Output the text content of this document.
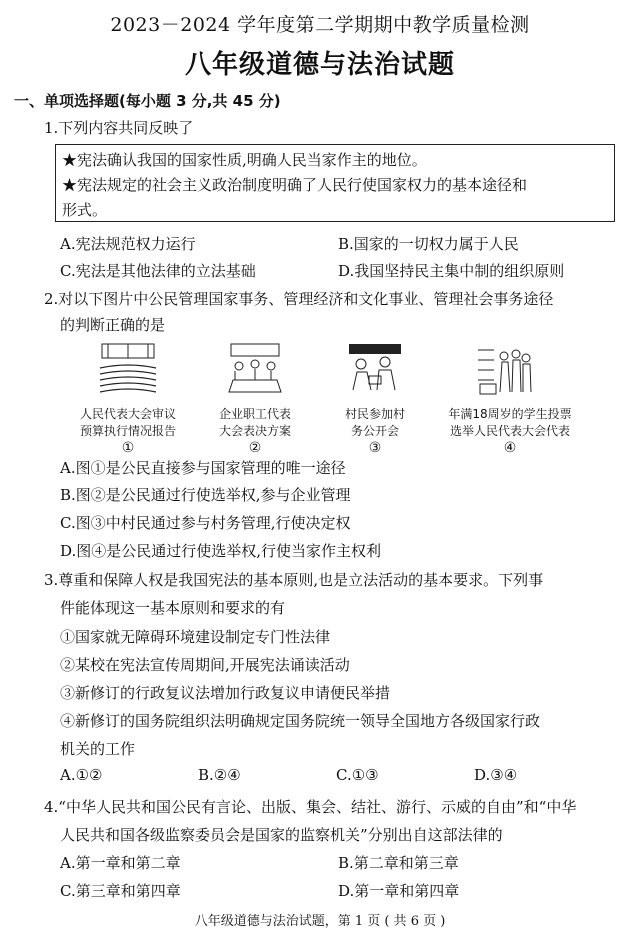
2023－2024 学年度第二学期期中教学质量检测
八年级道德与法治试题
一、单项选择题(每小题 3 分,共 45 分)
1.下列内容共同反映了
★宪法确认我国的国家性质,明确人民当家作主的地位。
★宪法规定的社会主义政治制度明确了人民行使国家权力的基本途径和
形式。
A.宪法规范权力运行	B.国家的一切权力属于人民
C.宪法是其他法律的立法基础	D.我国坚持民主集中制的组织原则
2.对以下图片中公民管理国家事务、管理经济和文化事业、管理社会事务途径
的判断正确的是
人民代表大会审议
预算执行情况报告
①
企业职工代表
大会表决方案
②
村民参加村
务公开会
③
年满18周岁的学生投票
选举人民代表大会代表
④
A.图①是公民直接参与国家管理的唯一途径
B.图②是公民通过行使选举权,参与企业管理
C.图③中村民通过参与村务管理,行使决定权
D.图④是公民通过行使选举权,行使当家作主权利
3.尊重和保障人权是我国宪法的基本原则,也是立法活动的基本要求。下列事
件能体现这一基本原则和要求的有
①国家就无障碍环境建设制定专门性法律
②某校在宪法宣传周期间,开展宪法诵读活动
③新修订的行政复议法增加行政复议申请便民举措
④新修订的国务院组织法明确规定国务院统一领导全国地方各级国家行政
机关的工作
A.①②	B.②④	C.①③	D.③④
4.“中华人民共和国公民有言论、出版、集会、结社、游行、示威的自由”和“中华
人民共和国各级监察委员会是国家的监察机关”分别出自这部法律的
A.第一章和第二章	B.第二章和第三章
C.第三章和第四章	D.第一章和第四章
八年级道德与法治试题，第 1 页 ( 共 6 页 )
